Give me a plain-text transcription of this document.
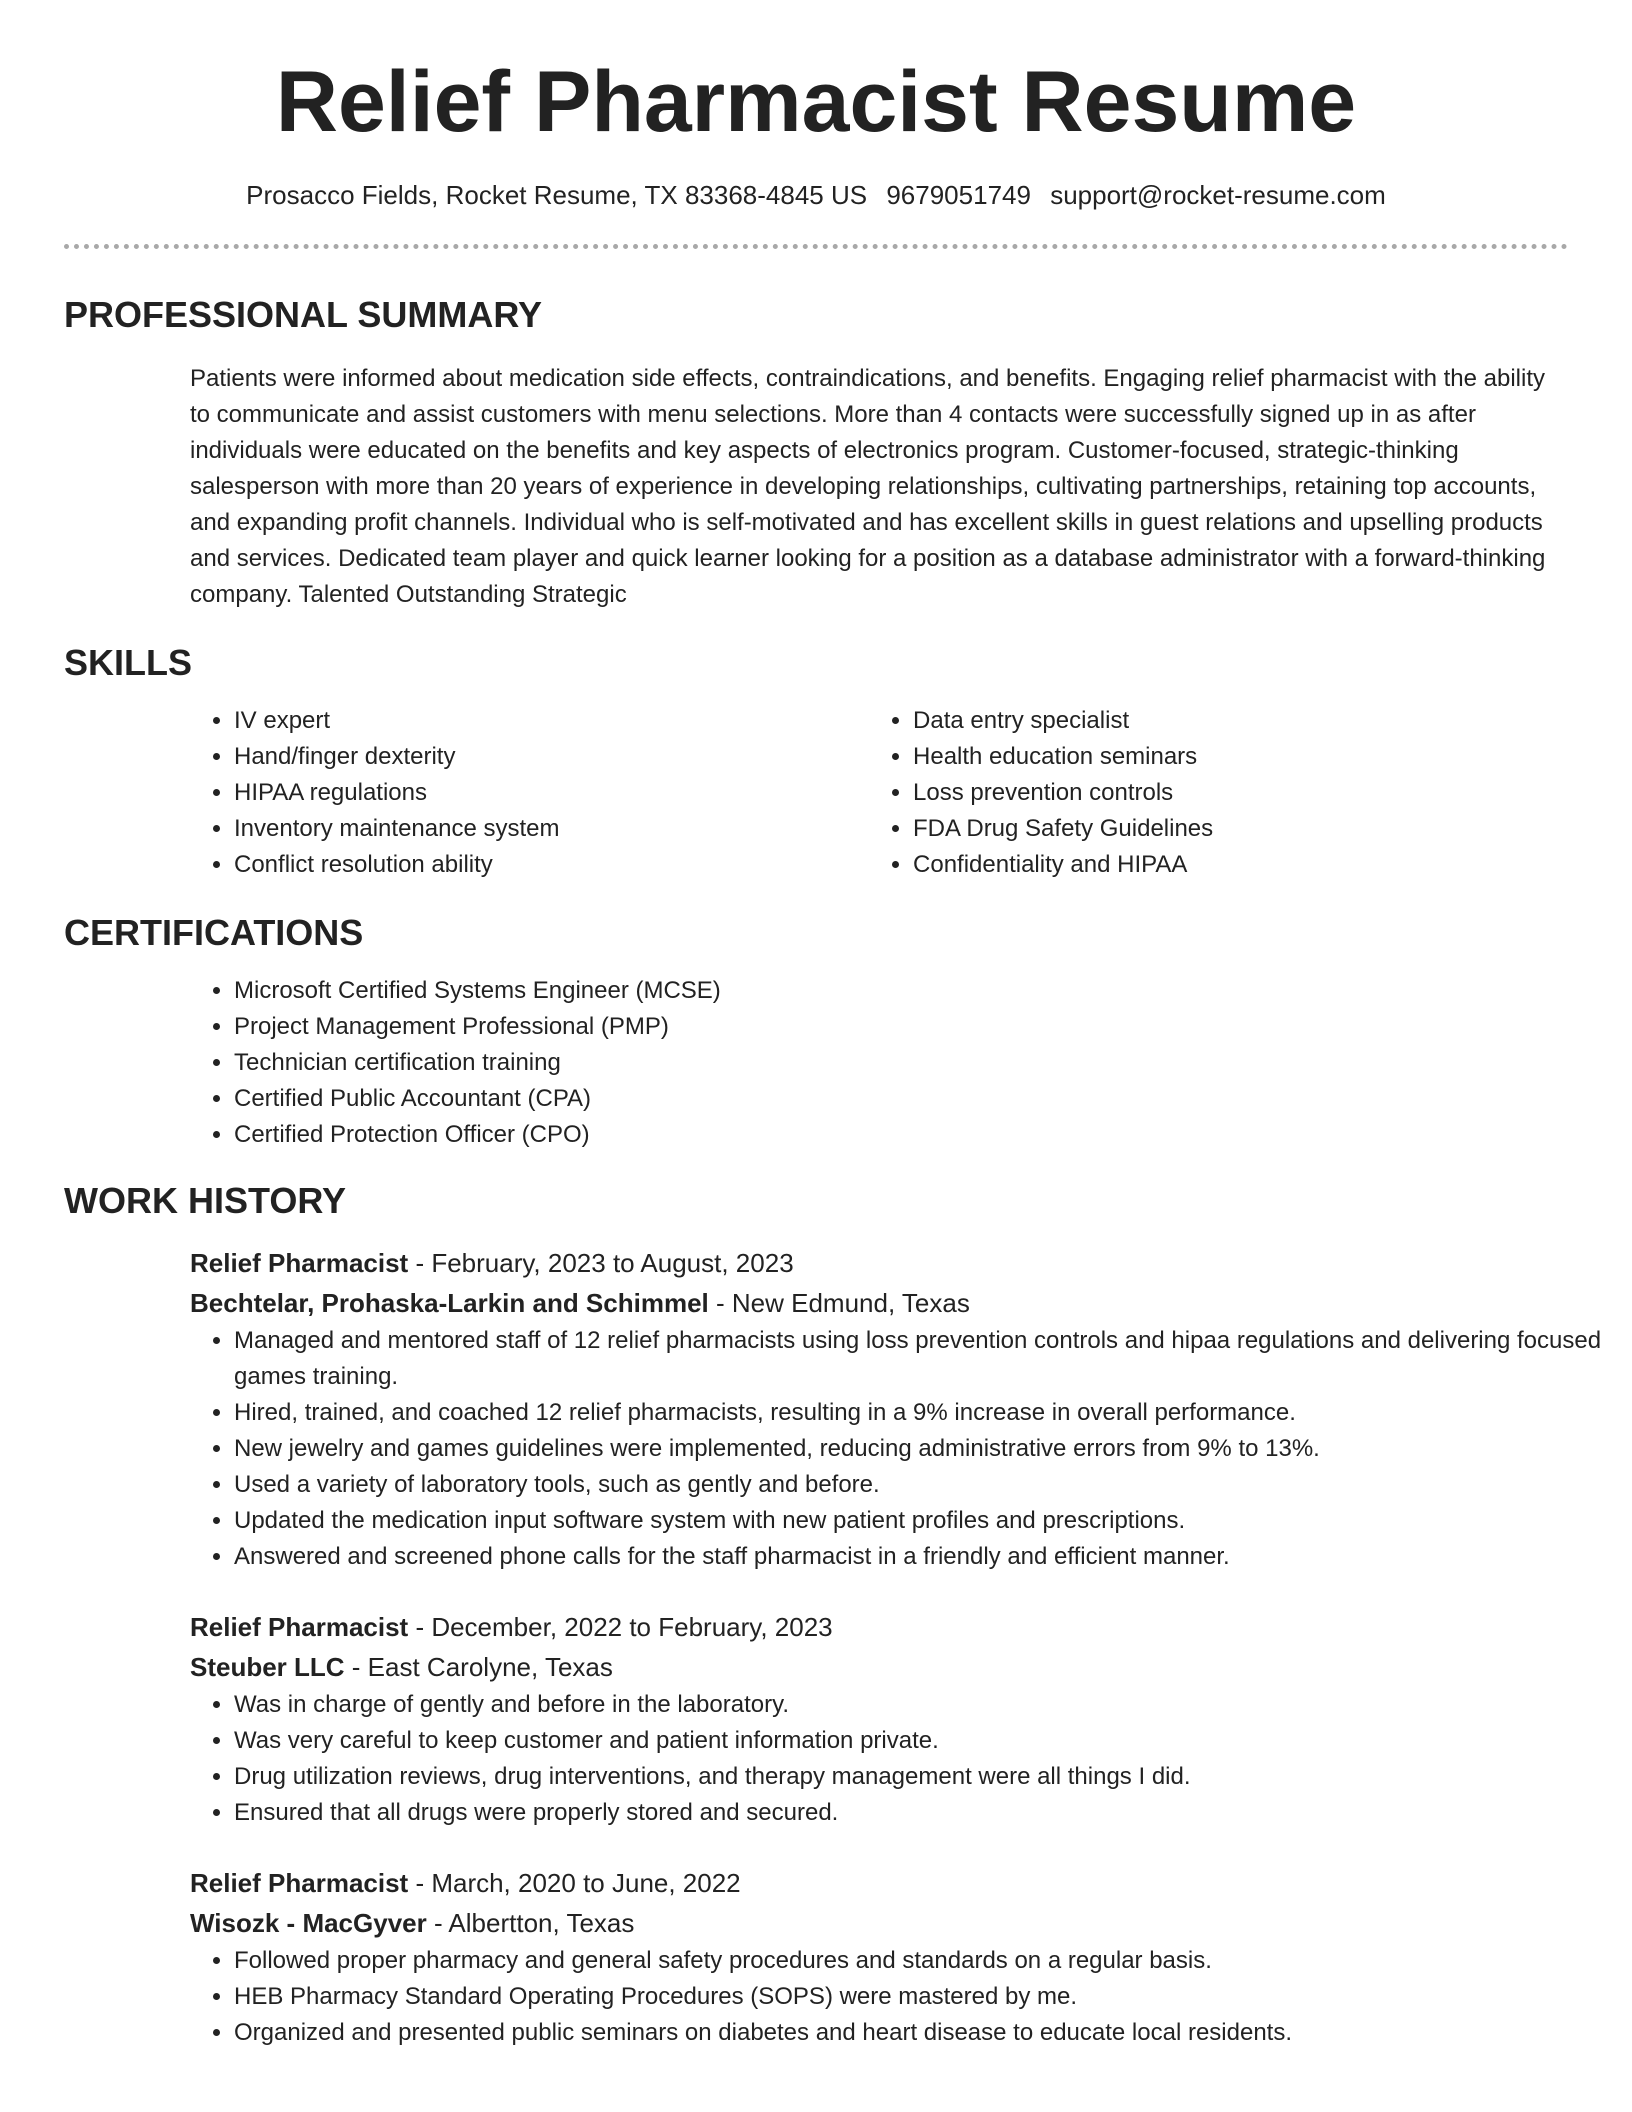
Relief Pharmacist Resume
Prosacco Fields, Rocket Resume, TX 83368-4845 US 9679051749 support@rocket-resume.com
PROFESSIONAL SUMMARY
Patients were informed about medication side effects, contraindications, and benefits. Engaging relief pharmacist with the ability to communicate and assist customers with menu selections. More than 4 contacts were successfully signed up in as after individuals were educated on the benefits and key aspects of electronics program. Customer-focused, strategic-thinking salesperson with more than 20 years of experience in developing relationships, cultivating partnerships, retaining top accounts, and expanding profit channels. Individual who is self-motivated and has excellent skills in guest relations and upselling products and services. Dedicated team player and quick learner looking for a position as a database administrator with a forward-thinking company. Talented Outstanding Strategic
SKILLS
• IV expert
• Hand/finger dexterity
• HIPAA regulations
• Inventory maintenance system
• Conflict resolution ability
• Data entry specialist
• Health education seminars
• Loss prevention controls
• FDA Drug Safety Guidelines
• Confidentiality and HIPAA
CERTIFICATIONS
• Microsoft Certified Systems Engineer (MCSE)
• Project Management Professional (PMP)
• Technician certification training
• Certified Public Accountant (CPA)
• Certified Protection Officer (CPO)
WORK HISTORY
Relief Pharmacist - February, 2023 to August, 2023
Bechtelar, Prohaska-Larkin and Schimmel - New Edmund, Texas
• Managed and mentored staff of 12 relief pharmacists using loss prevention controls and hipaa regulations and delivering focused games training.
• Hired, trained, and coached 12 relief pharmacists, resulting in a 9% increase in overall performance.
• New jewelry and games guidelines were implemented, reducing administrative errors from 9% to 13%.
• Used a variety of laboratory tools, such as gently and before.
• Updated the medication input software system with new patient profiles and prescriptions.
• Answered and screened phone calls for the staff pharmacist in a friendly and efficient manner.
Relief Pharmacist - December, 2022 to February, 2023
Steuber LLC - East Carolyne, Texas
• Was in charge of gently and before in the laboratory.
• Was very careful to keep customer and patient information private.
• Drug utilization reviews, drug interventions, and therapy management were all things I did.
• Ensured that all drugs were properly stored and secured.
Relief Pharmacist - March, 2020 to June, 2022
Wisozk - MacGyver - Albertton, Texas
• Followed proper pharmacy and general safety procedures and standards on a regular basis.
• HEB Pharmacy Standard Operating Procedures (SOPS) were mastered by me.
• Organized and presented public seminars on diabetes and heart disease to educate local residents.
